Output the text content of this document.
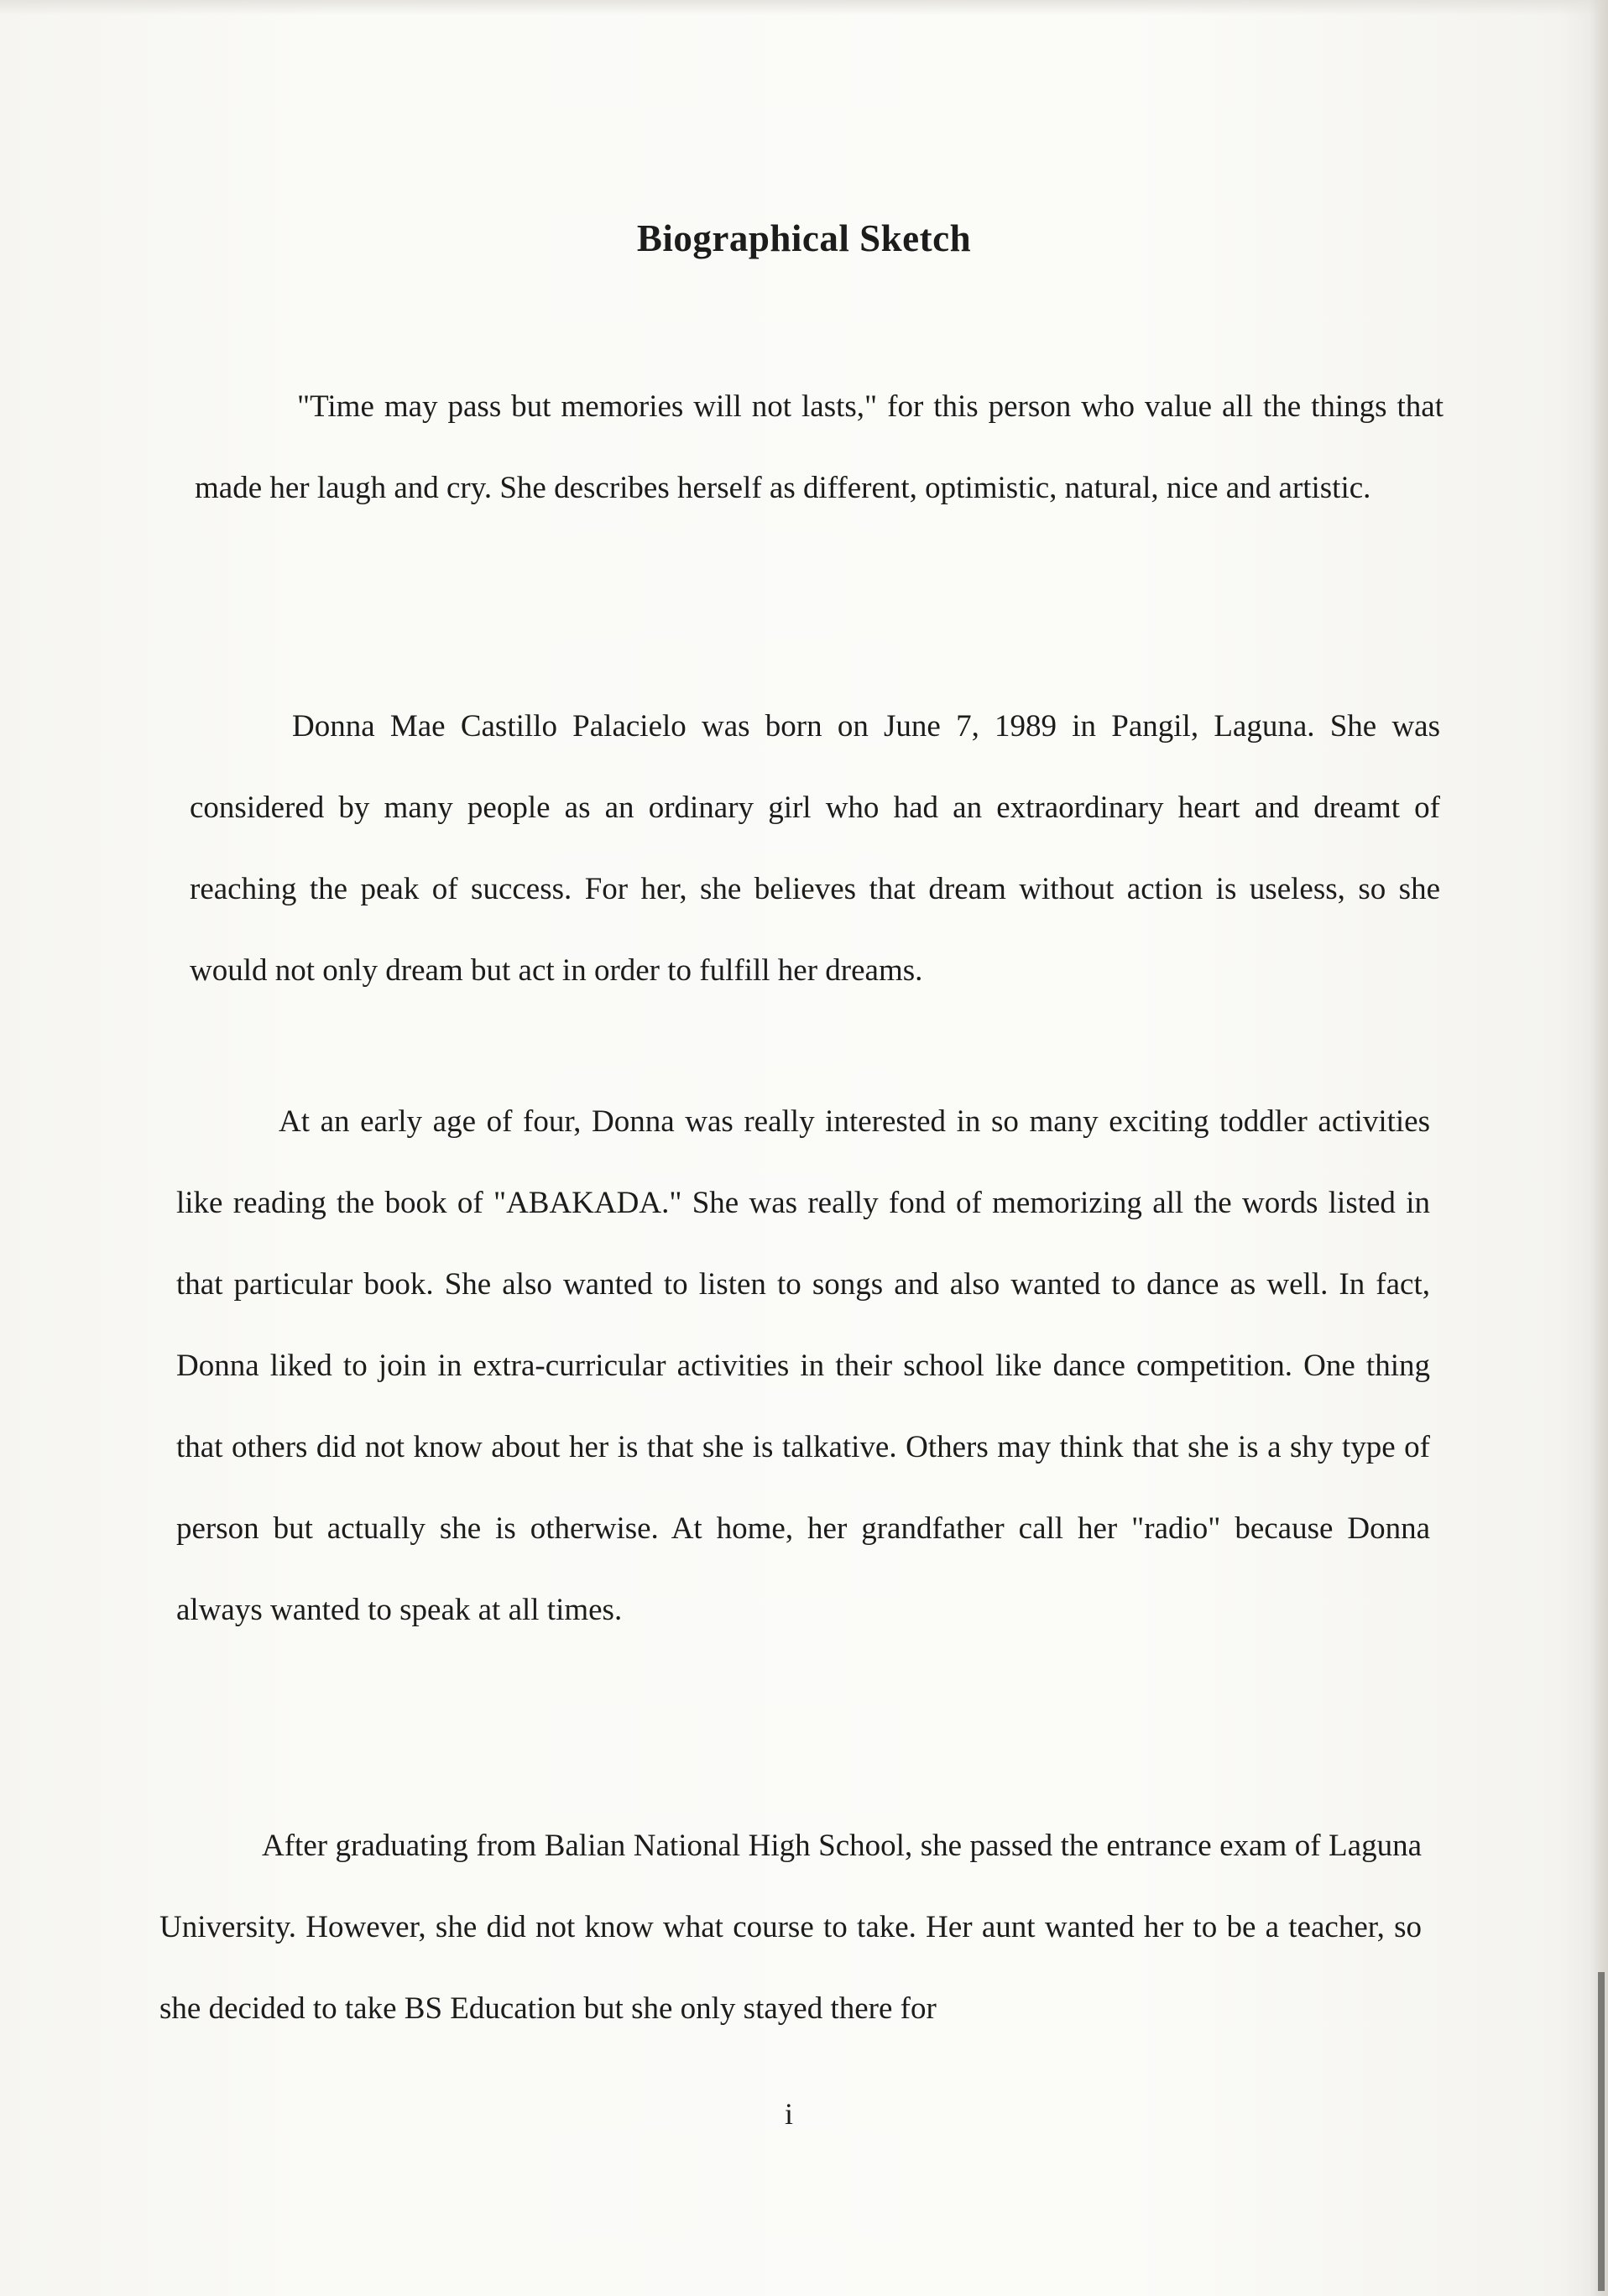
Biographical Sketch

"Time may pass but memories will not lasts," for this person who value all the things that made her laugh and cry. She describes herself as different, optimistic, natural, nice and artistic.

Donna Mae Castillo Palacielo was born on June 7, 1989 in Pangil, Laguna. She was considered by many people as an ordinary girl who had an extraordinary heart and dreamt of reaching the peak of success. For her, she believes that dream without action is useless, so she would not only dream but act in order to fulfill her dreams.

At an early age of four, Donna was really interested in so many exciting toddler activities like reading the book of "ABAKADA." She was really fond of memorizing all the words listed in that particular book. She also wanted to listen to songs and also wanted to dance as well. In fact, Donna liked to join in extra-curricular activities in their school like dance competition. One thing that others did not know about her is that she is talkative. Others may think that she is a shy type of person but actually she is otherwise. At home, her grandfather call her "radio" because Donna always wanted to speak at all times.

After graduating from Balian National High School, she passed the entrance exam of Laguna University. However, she did not know what course to take. Her aunt wanted her to be a teacher, so she decided to take BS Education but she only stayed there for

i
